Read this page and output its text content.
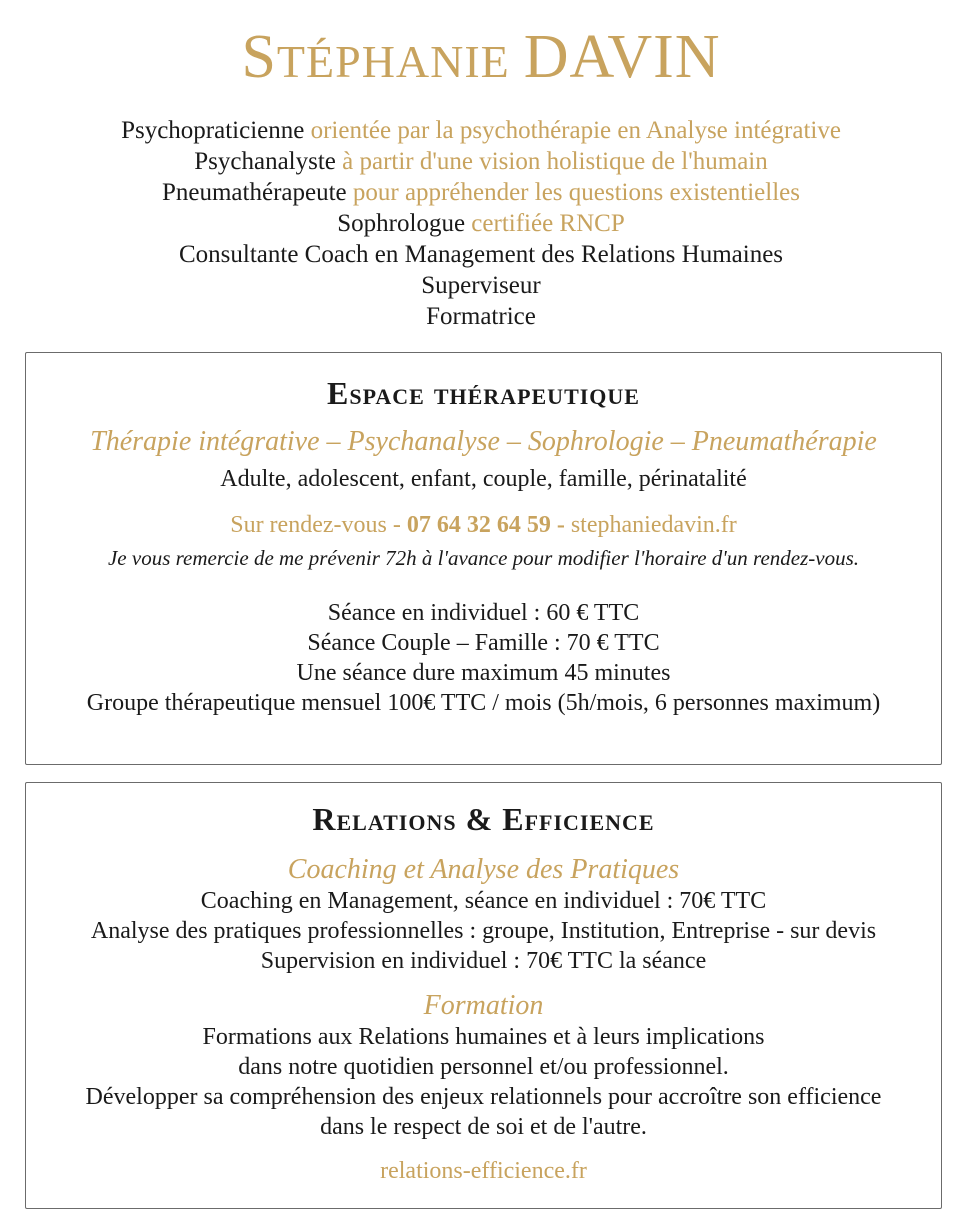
STÉPHANIE DAVIN
Psychopraticienne orientée par la psychothérapie en Analyse intégrative
Psychanalyste à partir d'une vision holistique de l'humain
Pneumathérapeute pour appréhender les questions existentielles
Sophrologue certifiée RNCP
Consultante Coach en Management des Relations Humaines
Superviseur
Formatrice
Espace thérapeutique

Thérapie intégrative – Psychanalyse – Sophrologie – Pneumathérapie

Adulte, adolescent, enfant, couple, famille, périnatalité

Sur rendez-vous - 07 64 32 64 59 - stephaniedavin.fr

Je vous remercie de me prévenir 72h à l'avance pour modifier l'horaire d'un rendez-vous.

Séance en individuel : 60 € TTC

Séance Couple – Famille : 70 € TTC

Une séance dure maximum 45 minutes

Groupe thérapeutique mensuel 100€ TTC / mois (5h/mois, 6 personnes maximum)

Relations & Efficience

Coaching et Analyse des Pratiques

Coaching en Management, séance en individuel : 70€ TTC

Analyse des pratiques professionnelles : groupe, Institution, Entreprise - sur devis

Supervision en individuel : 70€ TTC la séance

Formation

Formations aux Relations humaines et à leurs implications

dans notre quotidien personnel et/ou professionnel.

Développer sa compréhension des enjeux relationnels pour accroître son efficience

dans le respect de soi et de l'autre.

relations-efficience.fr
